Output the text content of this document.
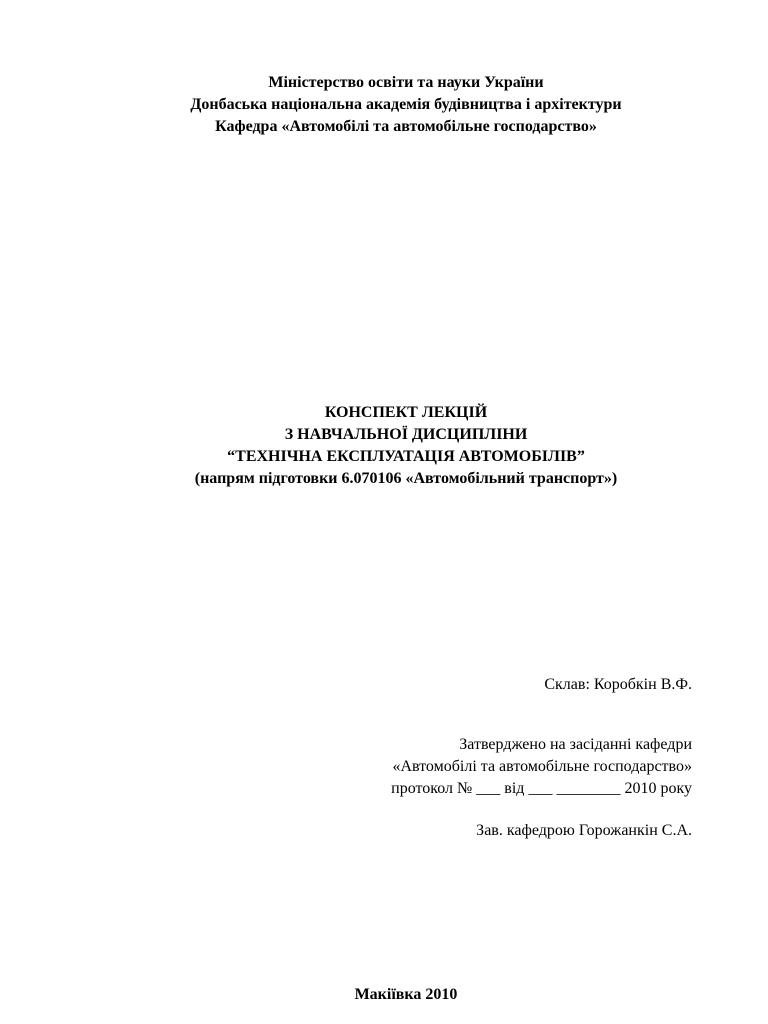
Міністерство освіти та науки України
Донбаська національна академія будівництва і архітектури
Кафедра «Автомобілі та автомобільне господарство»
КОНСПЕКТ ЛЕКЦІЙ
З НАВЧАЛЬНОЇ ДИСЦИПЛІНИ
“ТЕХНІЧНА ЕКСПЛУАТАЦІЯ АВТОМОБІЛІВ”
(напрям підготовки 6.070106 «Автомобільний транспорт»)
Склав: Коробкін В.Ф.
Затверджено на засіданні кафедри
«Автомобілі та автомобільне господарство»
протокол № ___ від ___ ________ 2010 року
Зав. кафедрою Горожанкін С.А.
Макіївка 2010
